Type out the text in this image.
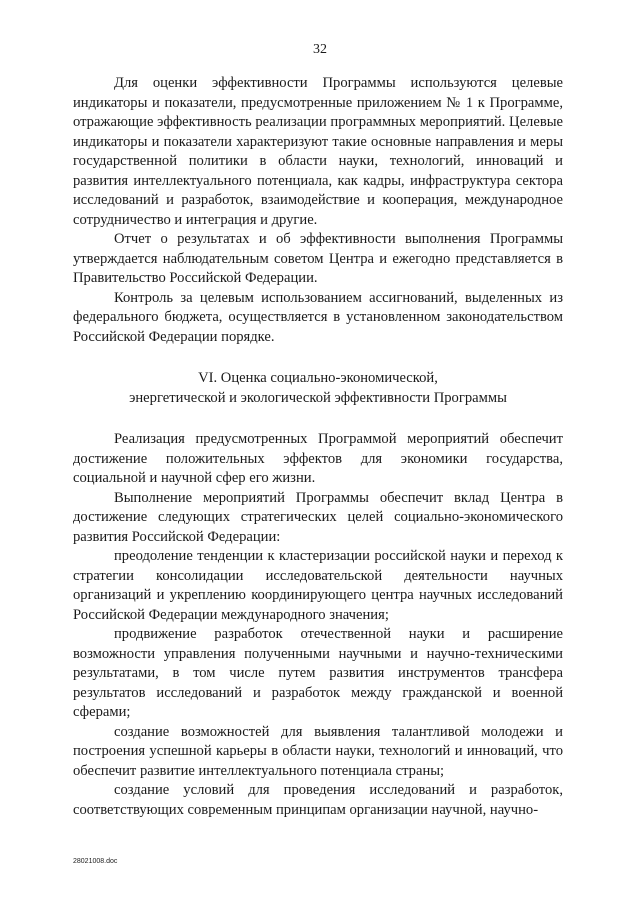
32

Для оценки эффективности Программы используются целевые индикаторы и показатели, предусмотренные приложением № 1 к Программе, отражающие эффективность реализации программных мероприятий. Целевые индикаторы и показатели характеризуют такие основные направления и меры государственной политики в области науки, технологий, инноваций и развития интеллектуального потенциала, как кадры, инфраструктура сектора исследований и разработок, взаимодействие и кооперация, международное сотрудничество и интеграция и другие.

Отчет о результатах и об эффективности выполнения Программы утверждается наблюдательным советом Центра и ежегодно представляется в Правительство Российской Федерации.

Контроль за целевым использованием ассигнований, выделенных из федерального бюджета, осуществляется в установленном законодательством Российской Федерации порядке.

VI. Оценка социально-экономической,
энергетической и экологической эффективности Программы

Реализация предусмотренных Программой мероприятий обеспечит достижение положительных эффектов для экономики государства, социальной и научной сфер его жизни.

Выполнение мероприятий Программы обеспечит вклад Центра в достижение следующих стратегических целей социально-экономического развития Российской Федерации:

преодоление тенденции к кластеризации российской науки и переход к стратегии консолидации исследовательской деятельности научных организаций и укреплению координирующего центра научных исследований Российской Федерации международного значения;

продвижение разработок отечественной науки и расширение возможности управления полученными научными и научно-техническими результатами, в том числе путем развития инструментов трансфера результатов исследований и разработок между гражданской и военной сферами;

создание возможностей для выявления талантливой молодежи и построения успешной карьеры в области науки, технологий и инноваций, что обеспечит развитие интеллектуального потенциала страны;

создание условий для проведения исследований и разработок, соответствующих современным принципам организации научной, научно-

28021008.doc
